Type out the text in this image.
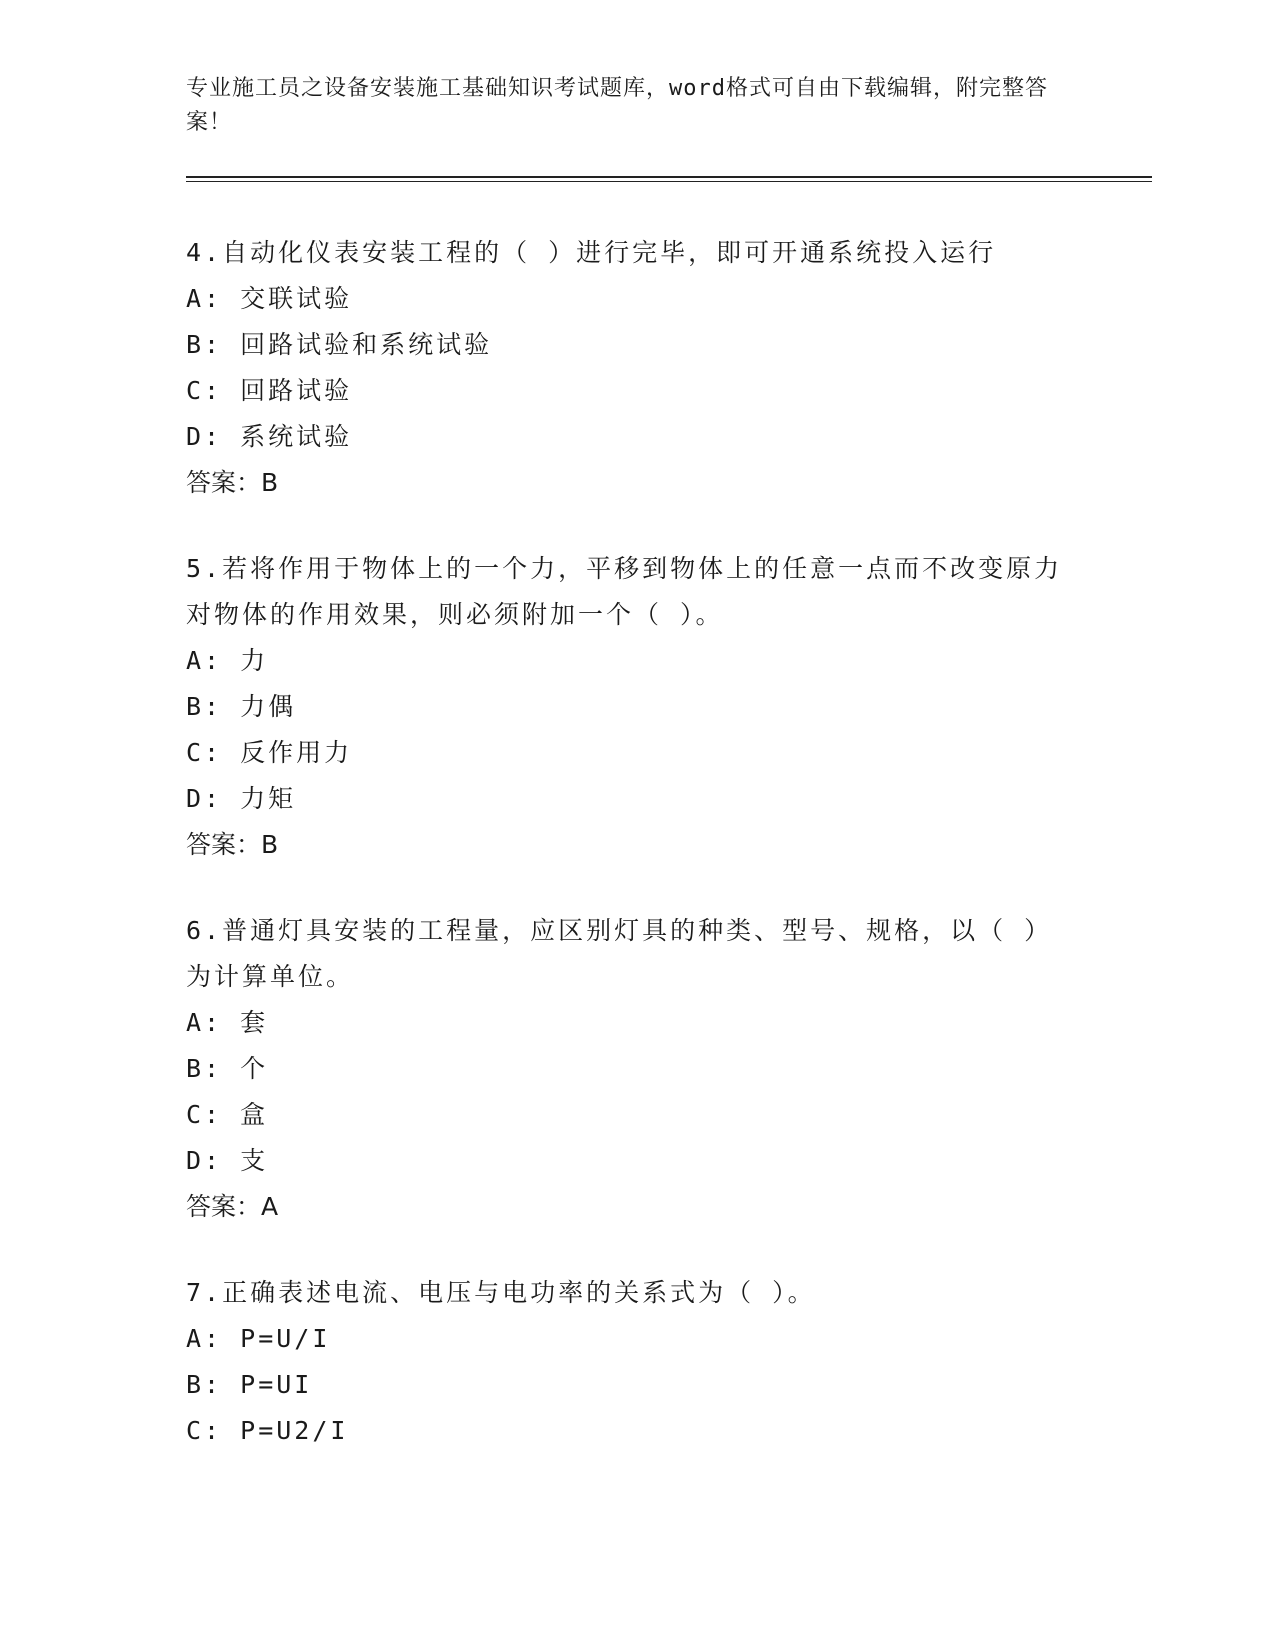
专业施工员之设备安装施工基础知识考试题库，word格式可自由下载编辑，附完整答案！

4.自动化仪表安装工程的（ ）进行完毕，即可开通系统投入运行

A: 交联试验

B: 回路试验和系统试验

C: 回路试验

D: 系统试验

答案：B

5.若将作用于物体上的一个力，平移到物体上的任意一点而不改变原力对物体的作用效果，则必须附加一个（ ）。

A: 力

B: 力偶

C: 反作用力

D: 力矩

答案：B

6.普通灯具安装的工程量，应区别灯具的种类、型号、规格，以（ ）为计算单位。

A: 套

B: 个

C: 盒

D: 支

答案：A

7.正确表述电流、电压与电功率的关系式为（ ）。

A: P=U/I

B: P=UI

C: P=U2/I
